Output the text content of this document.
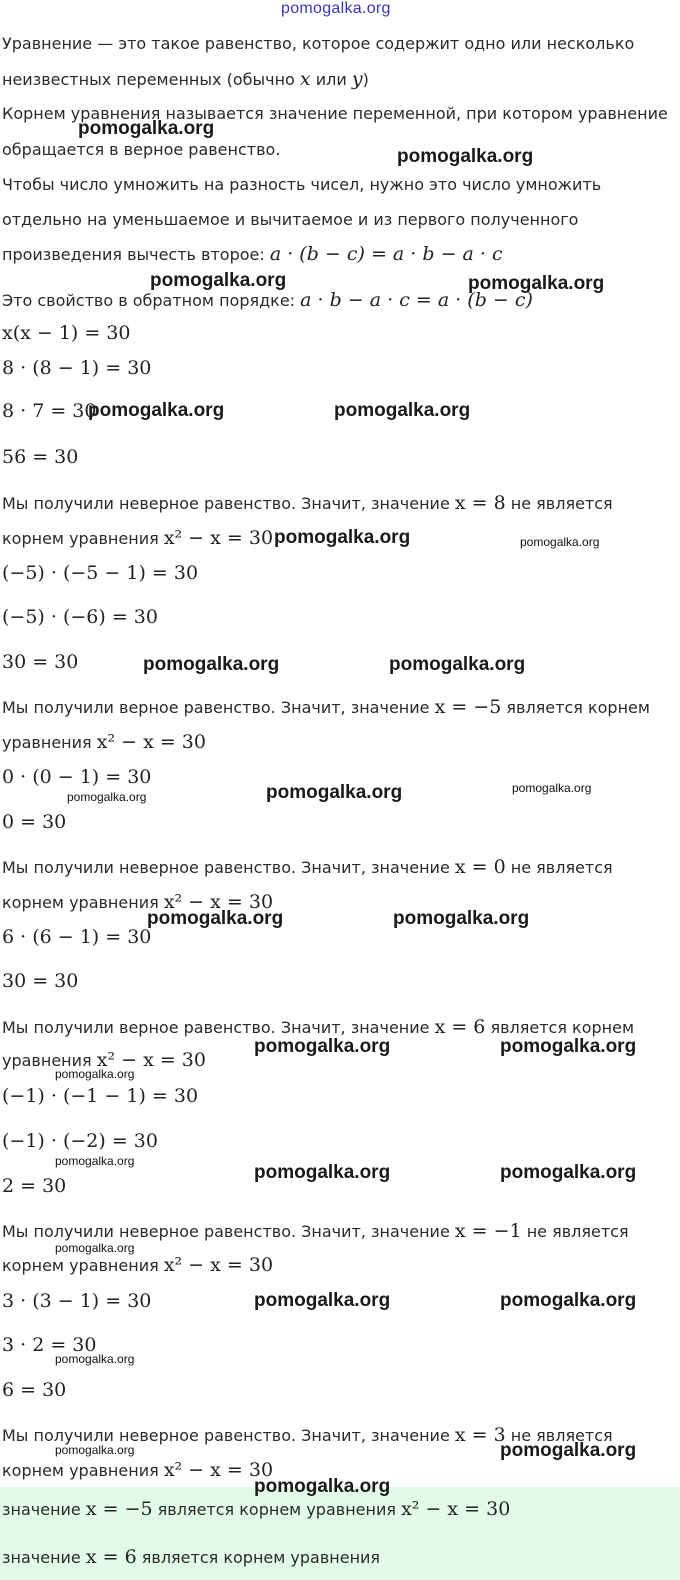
pomogalka.org
Уравнение — это такое равенство, которое содержит одно или несколько
неизвестных переменных (обычно x или y)
Корнем уравнения называется значение переменной, при котором уравнение
обращается в верное равенство.
Чтобы число умножить на разность чисел, нужно это число умножить
отдельно на уменьшаемое и вычитаемое и из первого полученного
произведения вычесть второе: a · (b − c) = a · b − a · c
Это свойство в обратном порядке: a · b − a · c = a · (b − c)
x(x − 1) = 30
8 · (8 − 1) = 30
8 · 7 = 30
56 = 30
Мы получили неверное равенство. Значит, значение x = 8 не является
корнем уравнения x² − x = 30
(−5) · (−5 − 1) = 30
(−5) · (−6) = 30
30 = 30
Мы получили верное равенство. Значит, значение x = −5 является корнем
уравнения x² − x = 30
0 · (0 − 1) = 30
0 = 30
Мы получили неверное равенство. Значит, значение x = 0 не является
корнем уравнения x² − x = 30
6 · (6 − 1) = 30
30 = 30
Мы получили верное равенство. Значит, значение x = 6 является корнем
уравнения x² − x = 30
(−1) · (−1 − 1) = 30
(−1) · (−2) = 30
2 = 30
Мы получили неверное равенство. Значит, значение x = −1 не является
корнем уравнения x² − x = 30
3 · (3 − 1) = 30
3 · 2 = 30
6 = 30
Мы получили неверное равенство. Значит, значение x = 3 не является
корнем уравнения x² − x = 30
значение x = −5 является корнем уравнения x² − x = 30
значение x = 6 является корнем уравнения
pomogalka.org
pomogalka.org
pomogalka.org	pomogalka.org
pomogalka.org	pomogalka.org
pomogalka.org	pomogalka.org
pomogalka.org	pomogalka.org
pomogalka.org	pomogalka.org	pomogalka.org
pomogalka.org	pomogalka.org
pomogalka.org	pomogalka.org
pomogalka.org
pomogalka.org
pomogalka.org	pomogalka.org
pomogalka.org
pomogalka.org	pomogalka.org
pomogalka.org
pomogalka.org	pomogalka.org
pomogalka.org
